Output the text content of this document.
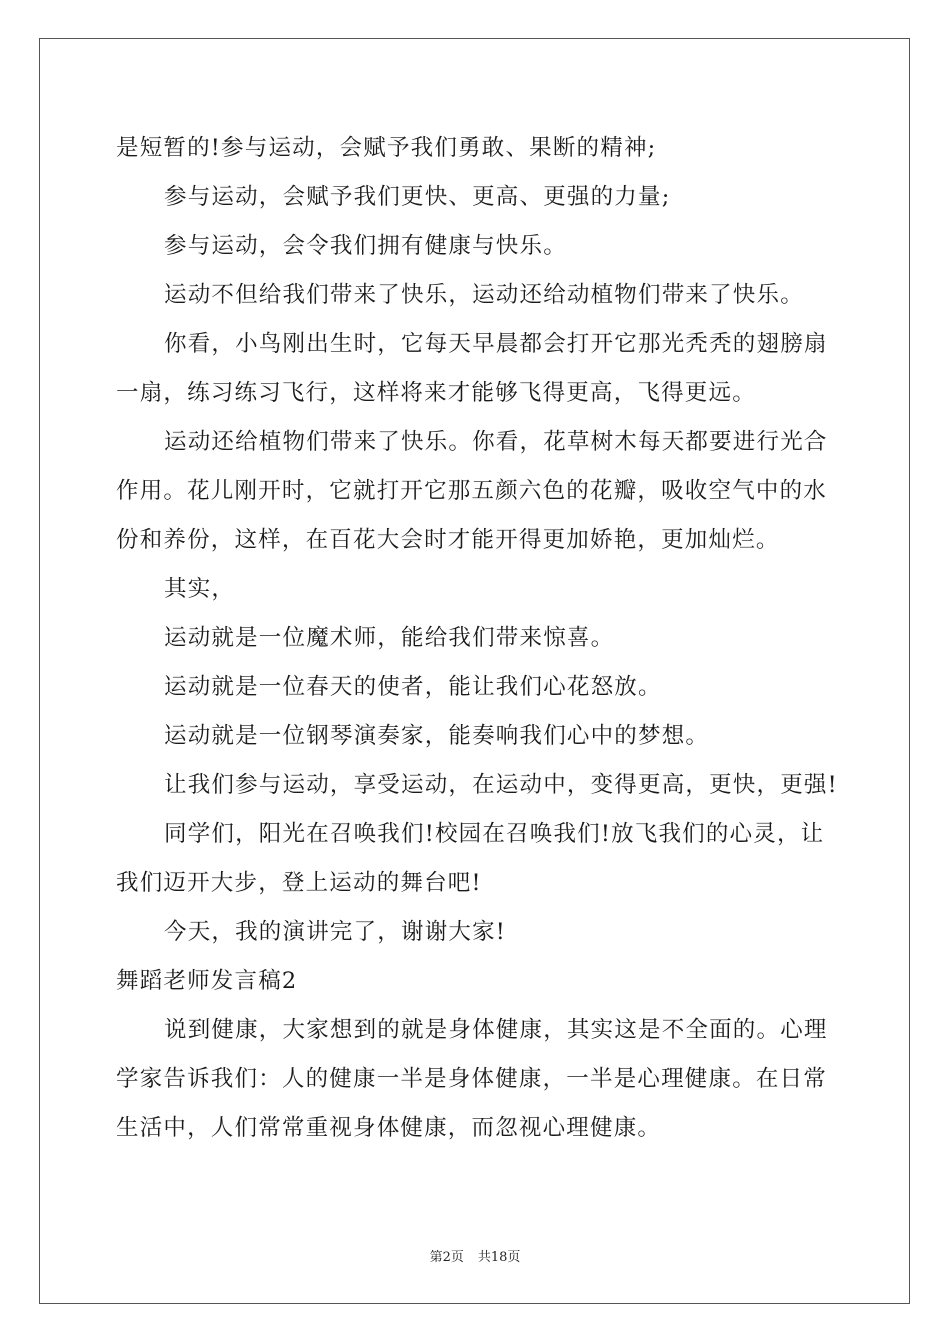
是短暂的!参与运动，会赋予我们勇敢、果断的精神;
参与运动，会赋予我们更快、更高、更强的力量;
参与运动，会令我们拥有健康与快乐。
运动不但给我们带来了快乐，运动还给动植物们带来了快乐。
你看，小鸟刚出生时，它每天早晨都会打开它那光秃秃的翅膀扇
一扇，练习练习飞行，这样将来才能够飞得更高，飞得更远。
运动还给植物们带来了快乐。你看，花草树木每天都要进行光合
作用。花儿刚开时，它就打开它那五颜六色的花瓣，吸收空气中的水
份和养份，这样，在百花大会时才能开得更加娇艳，更加灿烂。
其实，
运动就是一位魔术师，能给我们带来惊喜。
运动就是一位春天的使者，能让我们心花怒放。
运动就是一位钢琴演奏家，能奏响我们心中的梦想。
让我们参与运动，享受运动，在运动中，变得更高，更快，更强!
同学们，阳光在召唤我们!校园在召唤我们!放飞我们的心灵，让
我们迈开大步，登上运动的舞台吧!
今天，我的演讲完了，谢谢大家!
舞蹈老师发言稿2
说到健康，大家想到的就是身体健康，其实这是不全面的。心理
学家告诉我们：人的健康一半是身体健康，一半是心理健康。在日常
生活中，人们常常重视身体健康，而忽视心理健康。
第2页 共18页
